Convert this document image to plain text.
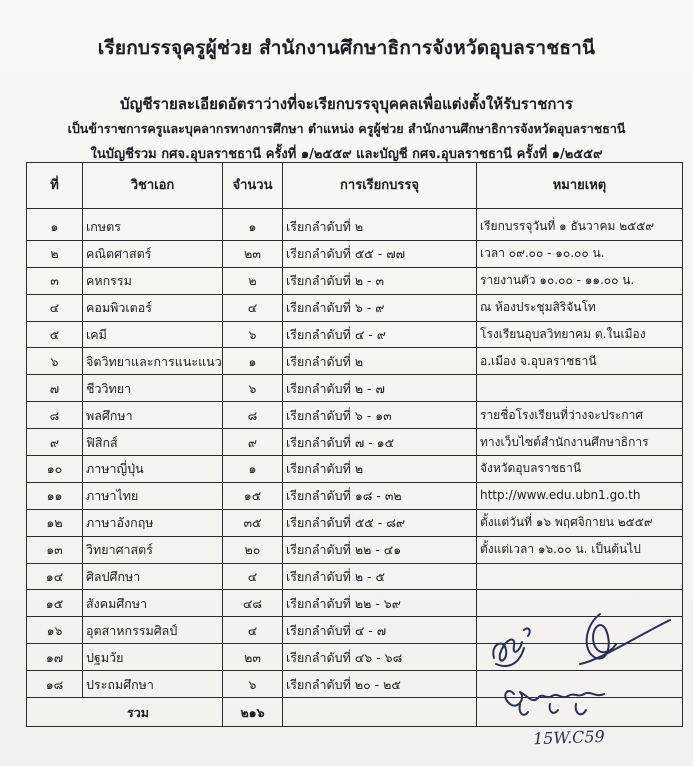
เรียกบรรจุครูผู้ช่วย สำนักงานศึกษาธิการจังหวัดอุบลราชธานี
บัญชีรายละเอียดอัตราว่างที่จะเรียกบรรจุบุคคลเพื่อแต่งตั้งให้รับราชการ
เป็นข้าราชการครูและบุคลากรทางการศึกษา ตำแหน่ง ครูผู้ช่วย สำนักงานศึกษาธิการจังหวัดอุบลราชธานี
ในบัญชีรวม กศจ.อุบลราชธานี ครั้งที่ ๑/๒๕๕๙ และบัญชี กศจ.อุบลราชธานี ครั้งที่ ๑/๒๕๕๙
ที่	วิชาเอก	จำนวน	การเรียกบรรจุ	หมายเหตุ
๑	เกษตร	๑	เรียกลำดับที่ ๒	เรียกบรรจุวันที่ ๑ ธันวาคม ๒๕๕๙
๒	คณิตศาสตร์	๒๓	เรียกลำดับที่ ๕๕ - ๗๗	เวลา ๐๙.๐๐ - ๑๐.๐๐ น.
๓	คหกรรม	๒	เรียกลำดับที่ ๒ - ๓	รายงานตัว ๑๐.๐๐ - ๑๑.๐๐ น.
๔	คอมพิวเตอร์	๔	เรียกลำดับที่ ๖ - ๙	ณ ห้องประชุมสิริจันโท
๕	เคมี	๖	เรียกลำดับที่ ๔ - ๙	โรงเรียนอุบลวิทยาคม ต.ในเมือง
๖	จิตวิทยาและการแนะแนว	๑	เรียกลำดับที่ ๒	อ.เมือง จ.อุบลราชธานี
๗	ชีววิทยา	๖	เรียกลำดับที่ ๒ - ๗	
๘	พลศึกษา	๘	เรียกลำดับที่ ๖ - ๑๓	รายชื่อโรงเรียนที่ว่างจะประกาศ
๙	ฟิสิกส์	๙	เรียกลำดับที่ ๗ - ๑๕	ทางเว็บไซต์สำนักงานศึกษาธิการ
๑๐	ภาษาญี่ปุ่น	๑	เรียกลำดับที่ ๒	จังหวัดอุบลราชธานี
๑๑	ภาษาไทย	๑๕	เรียกลำดับที่ ๑๘ - ๓๒	http://www.edu.ubn1.go.th
๑๒	ภาษาอังกฤษ	๓๕	เรียกลำดับที่ ๕๕ - ๘๙	ตั้งแต่วันที่ ๑๖ พฤศจิกายน ๒๕๕๙
๑๓	วิทยาศาสตร์	๒๐	เรียกลำดับที่ ๒๒ - ๔๑	ตั้งแต่เวลา ๑๖.๐๐ น. เป็นต้นไป
๑๔	ศิลปศึกษา	๔	เรียกลำดับที่ ๒ - ๕	
๑๕	สังคมศึกษา	๔๘	เรียกลำดับที่ ๒๒ - ๖๙	
๑๖	อุตสาหกรรมศิลป์	๔	เรียกลำดับที่ ๔ - ๗	
๑๗	ปฐมวัย	๒๓	เรียกลำดับที่ ๔๖ - ๖๘	
๑๘	ประถมศึกษา	๖	เรียกลำดับที่ ๒๐ - ๒๕	
รวม		๒๑๖		
15W.C59
